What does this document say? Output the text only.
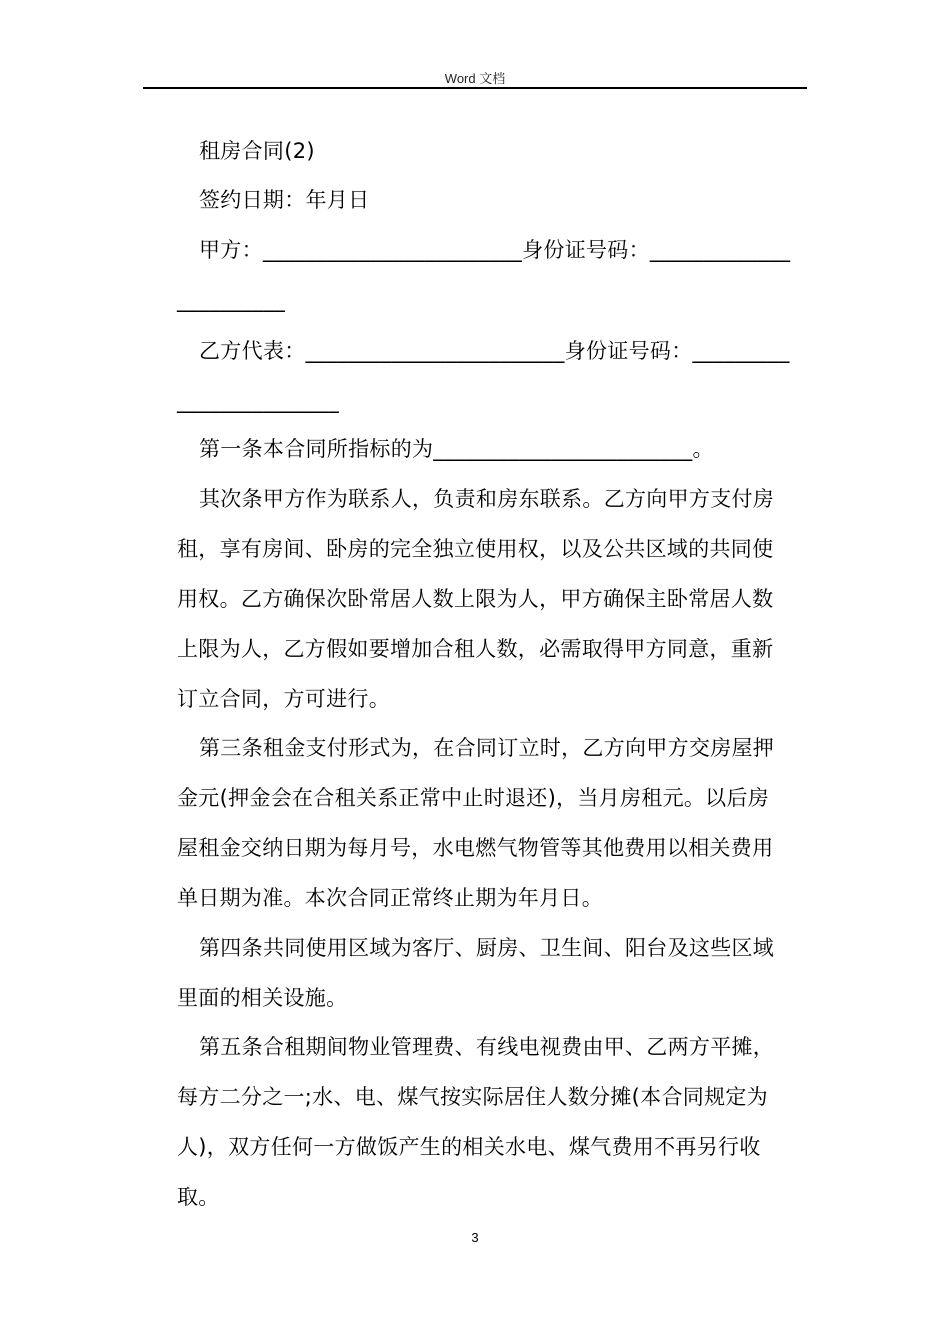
Word 文档
租房合同(2)
签约日期：年月日
甲方：________________________身份证号码：_____________
__________
乙方代表：________________________身份证号码：_________
_______________
第一条本合同所指标的为________________________。
其次条甲方作为联系人，负责和房东联系。乙方向甲方支付房
租，享有房间、卧房的完全独立使用权，以及公共区域的共同使
用权。乙方确保次卧常居人数上限为人，甲方确保主卧常居人数
上限为人，乙方假如要增加合租人数，必需取得甲方同意，重新
订立合同，方可进行。
第三条租金支付形式为，在合同订立时，乙方向甲方交房屋押
金元(押金会在合租关系正常中止时退还)，当月房租元。以后房
屋租金交纳日期为每月号，水电燃气物管等其他费用以相关费用
单日期为准。本次合同正常终止期为年月日。
第四条共同使用区域为客厅、厨房、卫生间、阳台及这些区域
里面的相关设施。
第五条合租期间物业管理费、有线电视费由甲、乙两方平摊，
每方二分之一;水、电、煤气按实际居住人数分摊(本合同规定为
人)，双方任何一方做饭产生的相关水电、煤气费用不再另行收
取。
3
